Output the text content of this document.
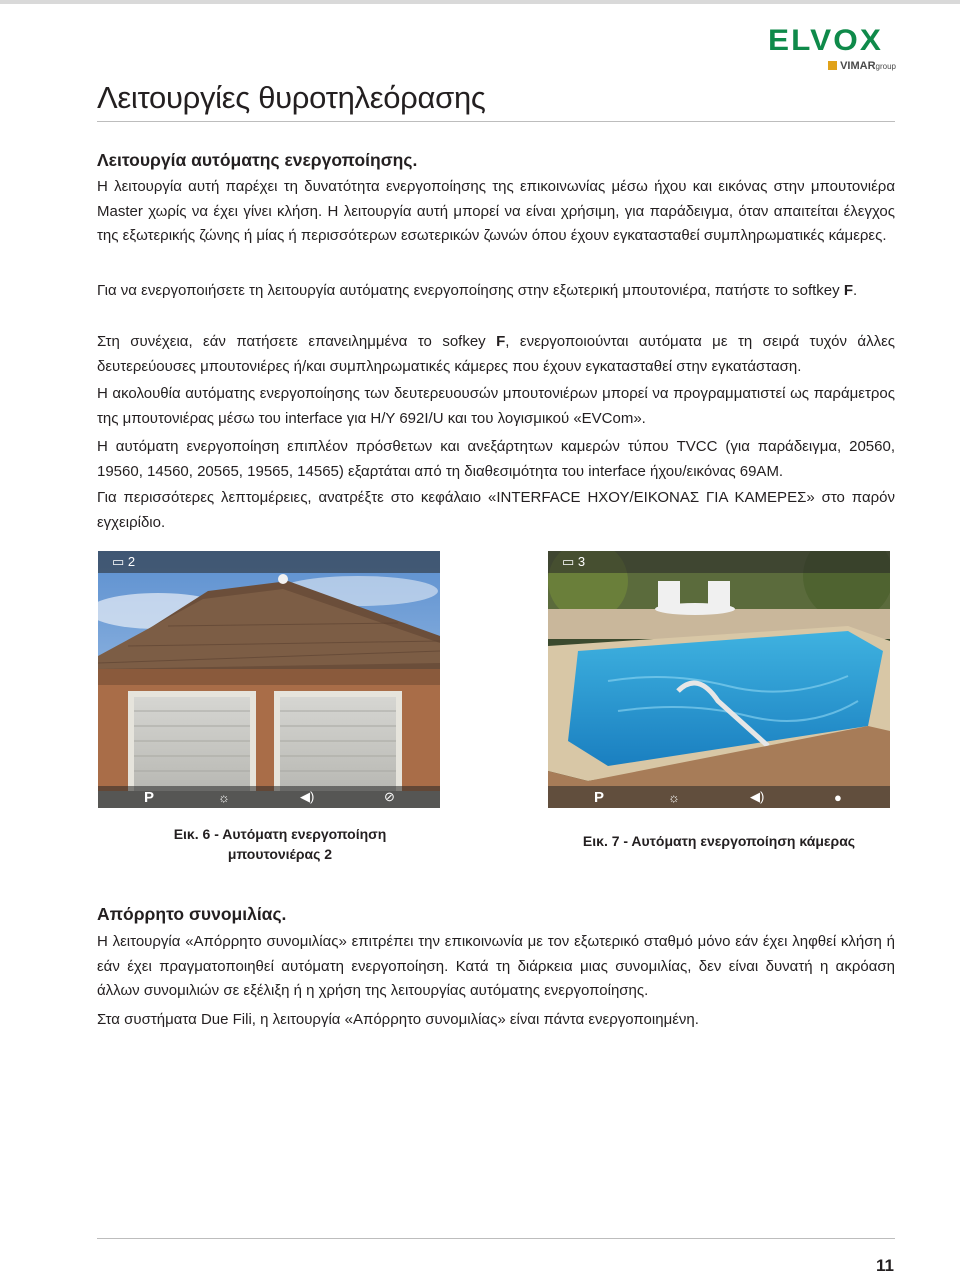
ELVOX
VIMARgroup
Λειτουργίες θυροτηλεόρασης
Λειτουργία αυτόματης ενεργοποίησης.

Η λειτουργία αυτή παρέχει τη δυνατότητα ενεργοποίησης της επικοινωνίας μέσω ήχου και εικόνας στην μπουτονιέρα Master χωρίς να έχει γίνει κλήση. Η λειτουργία αυτή μπορεί να είναι χρήσιμη, για παράδειγμα, όταν απαιτείται έλεγχος της εξωτερικής ζώνης ή μίας ή περισσότερων εσωτερικών ζωνών όπου έχουν εγκατασταθεί συμπληρωματικές κάμερες.

Για να ενεργοποιήσετε τη λειτουργία αυτόματης ενεργοποίησης στην εξωτερική μπουτονιέρα, πατήστε το softkey F.

Στη συνέχεια, εάν πατήσετε επανειλημμένα το sofkey F, ενεργοποιούνται αυτόματα με τη σειρά τυχόν άλλες δευτερεύουσες μπουτονιέρες ή/και συμπληρωματικές κάμερες που έχουν εγκατασταθεί στην εγκατάσταση.

Η ακολουθία αυτόματης ενεργοποίησης των δευτερευουσών μπουτονιέρων μπορεί να προγραμματιστεί ως παράμετρος της μπουτονιέρας μέσω του interface για Η/Υ 692I/U και του λογισμικού «EVCom».

Η αυτόματη ενεργοποίηση επιπλέον πρόσθετων και ανεξάρτητων καμερών τύπου TVCC (για παράδειγμα, 20560, 19560, 14560, 20565, 19565, 14565) εξαρτάται από τη διαθεσιμότητα του interface ήχου/εικόνας 69AM.

Για περισσότερες λεπτομέρειες, ανατρέξτε στο κεφάλαιο «INTERFACE ΗΧΟΥ/ΕΙΚΟΝΑΣ ΓΙΑ ΚΑΜΕΡΕΣ» στο παρόν εγχειρίδιο.

▭ 2
P	☼	◀)	⊘
▭ 3
P	☼	◀)	●
Εικ. 6 - Αυτόματη ενεργοποίηση
μπουτονιέρας 2
Εικ. 7 - Αυτόματη ενεργοποίηση κάμερας
Απόρρητο συνομιλίας.

Η λειτουργία «Απόρρητο συνομιλίας» επιτρέπει την επικοινωνία με τον εξωτερικό σταθμό μόνο εάν έχει ληφθεί κλήση ή εάν έχει πραγματοποιηθεί αυτόματη ενεργοποίηση. Κατά τη διάρκεια μιας συνομιλίας, δεν είναι δυνατή η ακρόαση άλλων συνομιλιών σε εξέλιξη ή η χρήση της λειτουργίας αυτόματης ενεργοποίησης.

Στα συστήματα Due Fili, η λειτουργία «Απόρρητο συνομιλίας» είναι πάντα ενεργοποιημένη.

11
